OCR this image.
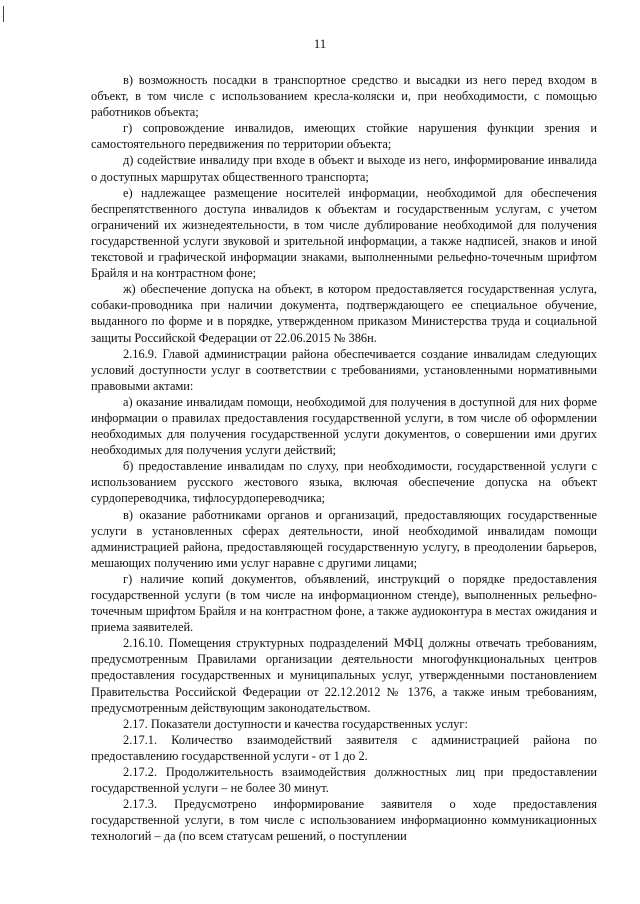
11

в) возможность посадки в транспортное средство и высадки из него перед входом в объект, в том числе с использованием кресла-коляски и, при необходимости, с помощью работников объекта;

г) сопровождение инвалидов, имеющих стойкие нарушения функции зрения и самостоятельного передвижения по территории объекта;

д) содействие инвалиду при входе в объект и выходе из него, информирование инвалида о доступных маршрутах общественного транспорта;

е) надлежащее размещение носителей информации, необходимой для обеспечения беспрепятственного доступа инвалидов к объектам и государственным услугам, с учетом ограничений их жизнедеятельности, в том числе дублирование необходимой для получения государственной услуги звуковой и зрительной информации, а также надписей, знаков и иной текстовой и графической информации знаками, выполненными рельефно-точечным шрифтом Брайля и на контрастном фоне;

ж) обеспечение допуска на объект, в котором предоставляется государственная услуга, собаки-проводника при наличии документа, подтверждающего ее специальное обучение, выданного по форме и в порядке, утвержденном приказом Министерства труда и социальной защиты Российской Федерации от 22.06.2015 № 386н.

2.16.9. Главой администрации района обеспечивается создание инвалидам следующих условий доступности услуг в соответствии с требованиями, установленными нормативными правовыми актами:

а) оказание инвалидам помощи, необходимой для получения в доступной для них форме информации о правилах предоставления государственной услуги, в том числе об оформлении необходимых для получения государственной услуги документов, о совершении ими других необходимых для получения услуги действий;

б) предоставление инвалидам по слуху, при необходимости, государственной услуги с использованием русского жестового языка, включая обеспечение допуска на объект сурдопереводчика, тифлосурдопереводчика;

в) оказание работниками органов и организаций, предоставляющих государственные услуги в установленных сферах деятельности, иной необходимой инвалидам помощи администрацией района, предоставляющей государственную услугу, в преодолении барьеров, мешающих получению ими услуг наравне с другими лицами;

г) наличие копий документов, объявлений, инструкций о порядке предоставления государственной услуги (в том числе на информационном стенде), выполненных рельефно-точечным шрифтом Брайля и на контрастном фоне, а также аудиоконтура в местах ожидания и приема заявителей.

2.16.10. Помещения структурных подразделений МФЦ должны отвечать требованиям, предусмотренным Правилами организации деятельности многофункциональных центров предоставления государственных и муниципальных услуг, утвержденными постановлением Правительства Российской Федерации от 22.12.2012 № 1376, а также иным требованиям, предусмотренным действующим законодательством.

2.17. Показатели доступности и качества государственных услуг:

2.17.1. Количество взаимодействий заявителя с администрацией района по предоставлению государственной услуги - от 1 до 2.

2.17.2. Продолжительность взаимодействия должностных лиц при предоставлении государственной услуги – не более 30 минут.

2.17.3. Предусмотрено информирование заявителя о ходе предоставления государственной услуги, в том числе с использованием информационно коммуникационных технологий – да (по всем статусам решений, о поступлении
